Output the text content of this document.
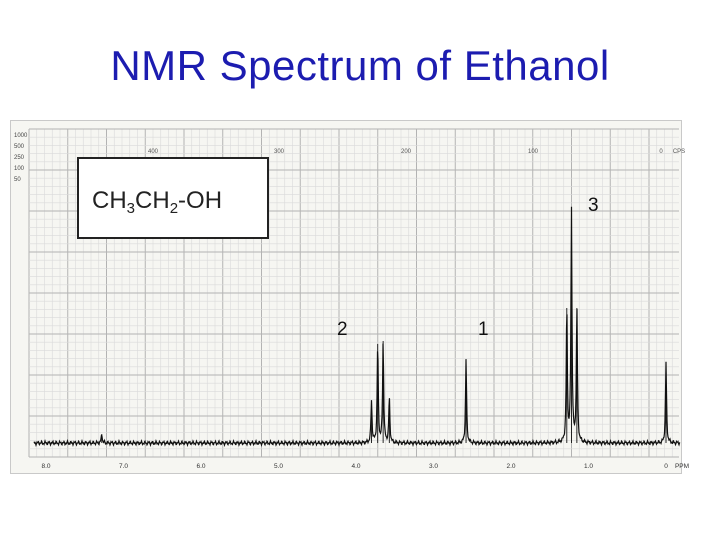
NMR Spectrum of Ethanol
8.0	7.0	6.0	5.0	4.0	3.0	2.0	1.0	0 PPM
400	300	200	100	0 CPS
1000
500
250
100
50
$CH_3CH_2-OH$
2	1
3
